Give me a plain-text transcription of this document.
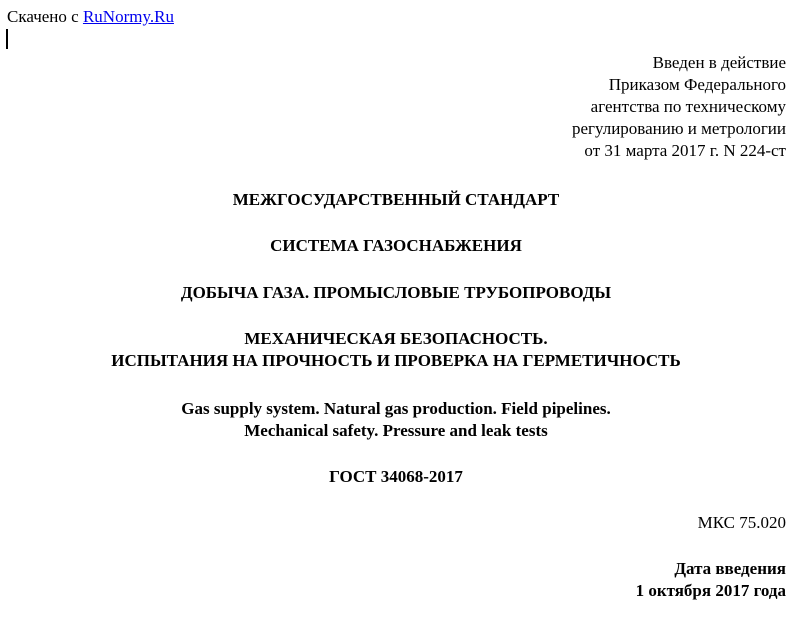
Скачено с RuNormy.Ru
Введен в действие
Приказом Федерального
агентства по техническому
регулированию и метрологии
от 31 марта 2017 г. N 224-ст
МЕЖГОСУДАРСТВЕННЫЙ СТАНДАРТ
СИСТЕМА ГАЗОСНАБЖЕНИЯ
ДОБЫЧА ГАЗА. ПРОМЫСЛОВЫЕ ТРУБОПРОВОДЫ
МЕХАНИЧЕСКАЯ БЕЗОПАСНОСТЬ.
ИСПЫТАНИЯ НА ПРОЧНОСТЬ И ПРОВЕРКА НА ГЕРМЕТИЧНОСТЬ
Gas supply system. Natural gas production. Field pipelines.
Mechanical safety. Pressure and leak tests
ГОСТ 34068-2017
МКС 75.020
Дата введения
1 октября 2017 года
